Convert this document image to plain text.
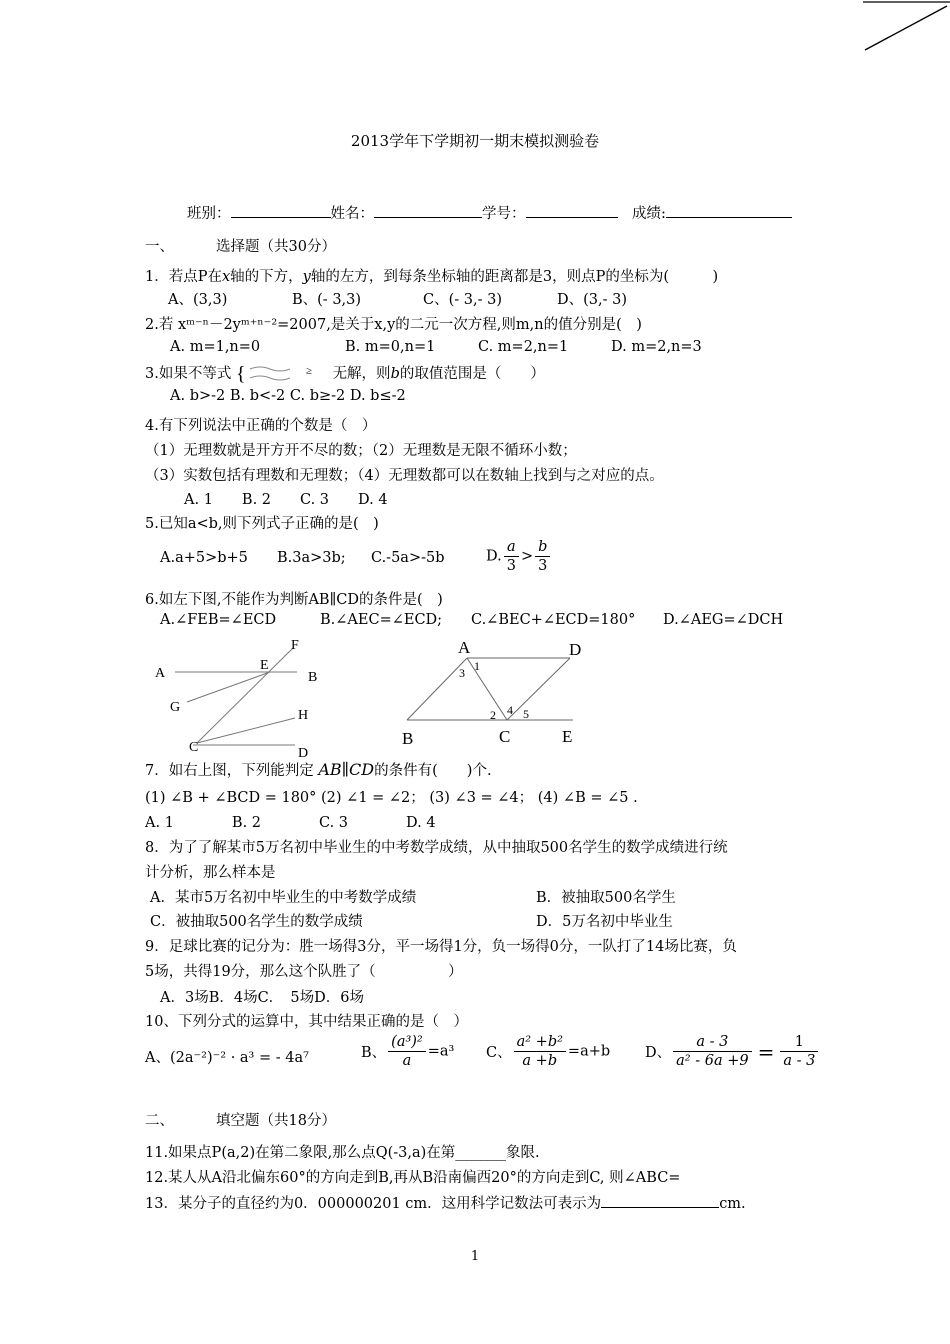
2013学年下学期初一期末模拟测验卷
班别：	姓名：	学号：　	成绩:
一、	选择题（共30分）
1．若点P在x轴的下方，y轴的左方，到每条坐标轴的距离都是3，则点P的坐标为(　　　)
A、(3,3)	B、(- 3,3)	C、(- 3,- 3)	D、(3,- 3)
2.若 xᵐ⁻ⁿ－2yᵐ⁺ⁿ⁻²=2007,是关于x,y的二元一次方程,则m,n的值分别是(　)
A. m=1,n=0	B. m=0,n=1	C. m=2,n=1	D. m=2,n=3
3.如果不等式 {	≥ 无解，则b的取值范围是（　　）
A. b>-2 B. b<-2 C. b≥-2 D. b≤-2
4.有下列说法中正确的个数是（　）
（1）无理数就是开方开不尽的数；（2）无理数是无限不循环小数；
（3）实数包括有理数和无理数；（4）无理数都可以在数轴上找到与之对应的点。
A. 1　　B. 2　　C. 3　　D. 4
5.已知a<b,则下列式子正确的是(　)
A.a+5>b+5 B.3a>3b; C.-5a>-5b	D. $\frac{a}{3} > \frac{b}{3}$
6.如左下图,不能作为判断AB∥CD的条件是(　)
A.∠FEB=∠ECD	B.∠AEC=∠ECD; C.∠BEC+∠ECD=180° D.∠AEG=∠DCH
F
A
E
B
G
H
C	D
A	D
1
3
2 4 5
B	C	E
7．如右上图，下列能判定 AB∥CD的条件有(　　)个.
(1) ∠B + ∠BCD = 180° (2) ∠1 = ∠2； (3) ∠3 = ∠4； (4) ∠B = ∠5 .
A. 1　　　　B. 2　　　　C. 3　　　　D. 4
8．为了了解某市5万名初中毕业生的中考数学成绩，从中抽取500名学生的数学成绩进行统
计分析，那么样本是
A．某市5万名初中毕业生的中考数学成绩	B．被抽取500名学生
C．被抽取500名学生的数学成绩	D．5万名初中毕业生
9．足球比赛的记分为：胜一场得3分，平一场得1分，负一场得0分，一队打了14场比赛，负
5场，共得19分，那么这个队胜了（　　　　　）
A．3场B．4场C．　5场D．6场
10、下列分式的运算中，其中结果正确的是（　）
A、(2a⁻²)⁻² · a³ = - 4a⁷	B、 $\frac{\text{(a³)²}}{a} =a^3$ C、 $\frac{\text{a² +b²}}{a +b} =a+b$ D、 $\frac{a - 3}{\text{a² - 6a +9}} = \frac{1}{a - 3}$
二、	填空题（共18分）
11.如果点P(a,2)在第二象限,那么点Q(-3,a)在第_______象限.
12.某人从A沿北偏东60°的方向走到B,再从B沿南偏西20°的方向走到C, 则∠ABC=
13．某分子的直径约为0．000000201 cm．这用科学记数法可表示为	cm.
1
